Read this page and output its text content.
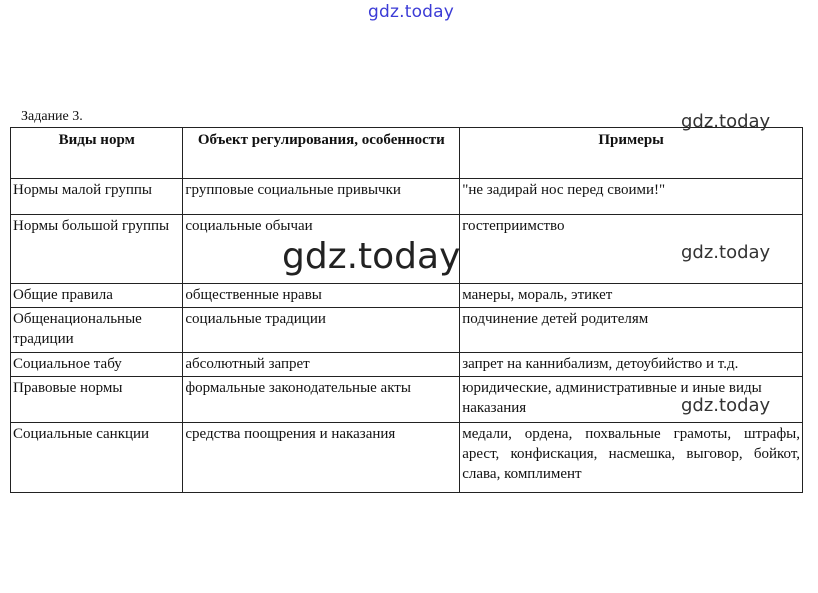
gdz.today
Задание 3.
Виды норм	Объект регулирования, особенности	Примеры
Нормы малой группы	групповые социальные привычки	"не задирай нос перед своими!"
Нормы большой группы	социальные обычаи	гостеприимство
Общие правила	общественные нравы	манеры, мораль, этикет
Общенациональные традиции	социальные традиции	подчинение детей родителям
Социальное табу	абсолютный запрет	запрет на каннибализм, детоубийство и т.д.
Правовые нормы	формальные законодательные акты	юридические, административные и иные виды наказания
Социальные санкции	средства поощрения и наказания	медали, ордена, похвальные грамоты, штрафы, арест, конфискация, насмешка, выговор, бойкот, слава, комплимент
gdz.today
gdz.today
gdz.today
gdz.today
